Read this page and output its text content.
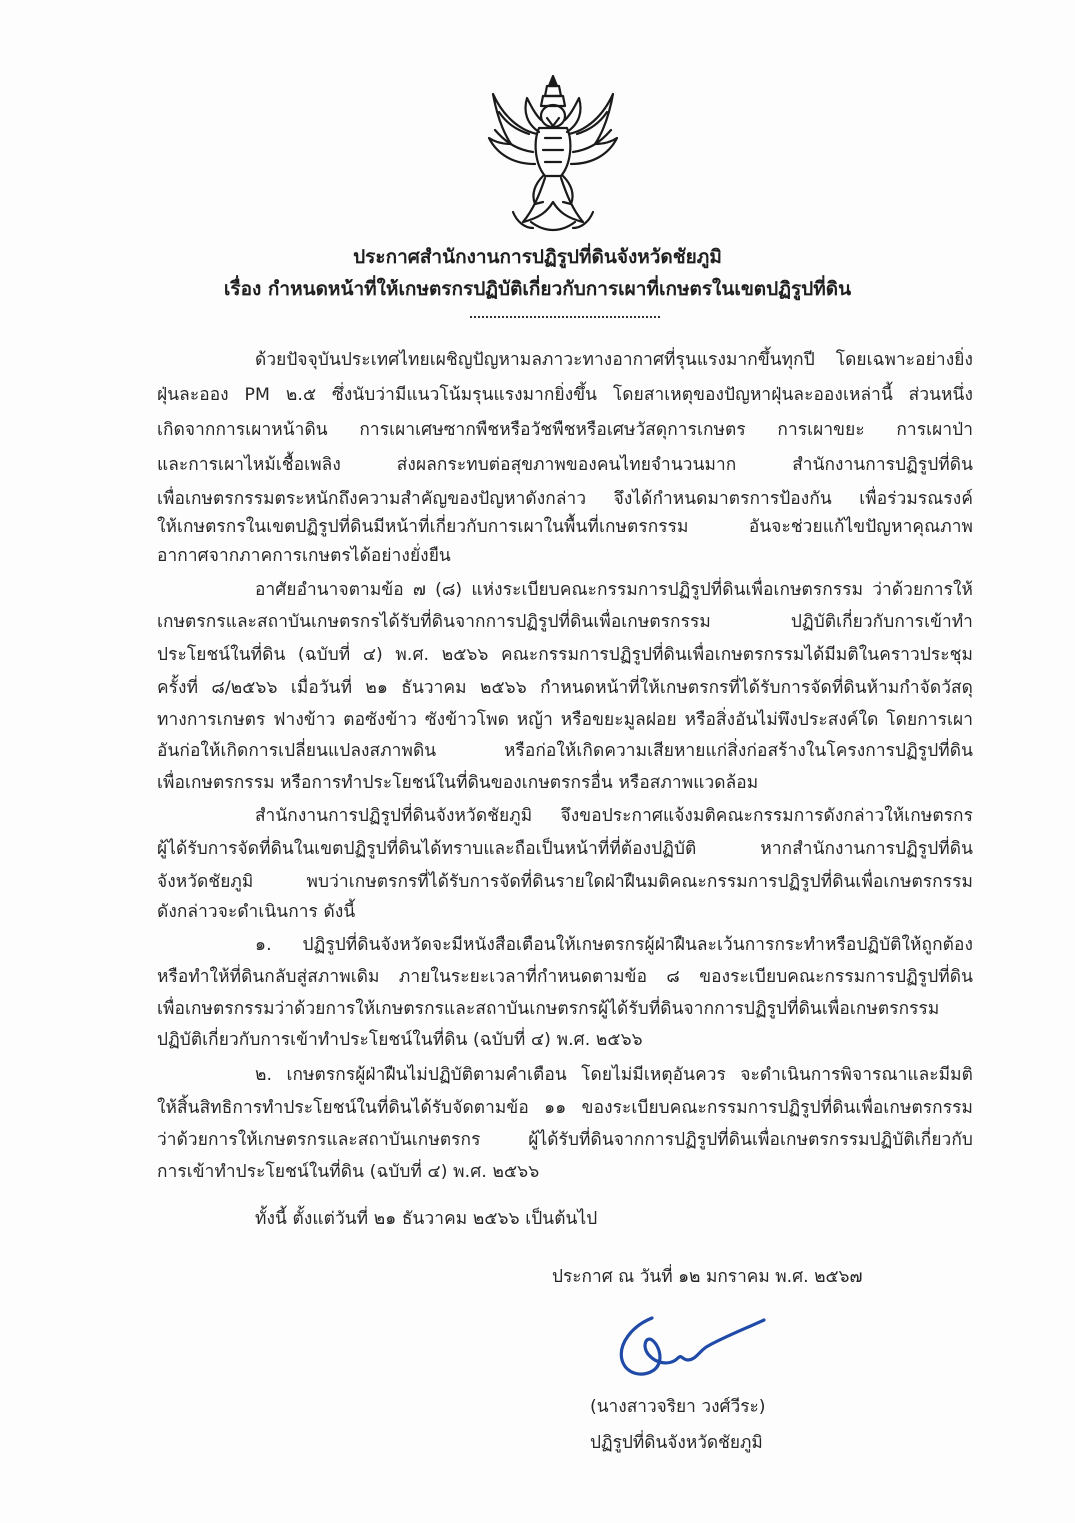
ประกาศสำนักงานการปฏิรูปที่ดินจังหวัดชัยภูมิ
เรื่อง กำหนดหน้าที่ให้เกษตรกรปฏิบัติเกี่ยวกับการเผาที่เกษตรในเขตปฏิรูปที่ดิน
ด้วยปัจจุบันประเทศไทยเผชิญปัญหามลภาวะทางอากาศที่รุนแรงมากขึ้นทุกปี โดยเฉพาะอย่างยิ่ง
ฝุ่นละออง PM ๒.๕ ซึ่งนับว่ามีแนวโน้มรุนแรงมากยิ่งขึ้น โดยสาเหตุของปัญหาฝุ่นละอองเหล่านี้ ส่วนหนึ่ง
เกิดจากการเผาหน้าดิน การเผาเศษซากพืชหรือวัชพืชหรือเศษวัสดุการเกษตร การเผาขยะ การเผาป่า
และการเผาไหม้เชื้อเพลิง ส่งผลกระทบต่อสุขภาพของคนไทยจำนวนมาก สำนักงานการปฏิรูปที่ดิน
เพื่อเกษตรกรรมตระหนักถึงความสำคัญของปัญหาดังกล่าว จึงได้กำหนดมาตรการป้องกัน เพื่อร่วมรณรงค์
ให้เกษตรกรในเขตปฏิรูปที่ดินมีหน้าที่เกี่ยวกับการเผาในพื้นที่เกษตรกรรม อันจะช่วยแก้ไขปัญหาคุณภาพ
อากาศจากภาคการเกษตรได้อย่างยั่งยืน
อาศัยอำนาจตามข้อ ๗ (๘) แห่งระเบียบคณะกรรมการปฏิรูปที่ดินเพื่อเกษตรกรรม ว่าด้วยการให้
เกษตรกรและสถาบันเกษตรกรได้รับที่ดินจากการปฏิรูปที่ดินเพื่อเกษตรกรรม ปฏิบัติเกี่ยวกับการเข้าทำ
ประโยชน์ในที่ดิน (ฉบับที่ ๔) พ.ศ. ๒๕๖๖ คณะกรรมการปฏิรูปที่ดินเพื่อเกษตรกรรมได้มีมติในคราวประชุม
ครั้งที่ ๘/๒๕๖๖ เมื่อวันที่ ๒๑ ธันวาคม ๒๕๖๖ กำหนดหน้าที่ให้เกษตรกรที่ได้รับการจัดที่ดินห้ามกำจัดวัสดุ
ทางการเกษตร ฟางข้าว ตอซังข้าว ซังข้าวโพด หญ้า หรือขยะมูลฝอย หรือสิ่งอันไม่พึงประสงค์ใด โดยการเผา
อันก่อให้เกิดการเปลี่ยนแปลงสภาพดิน หรือก่อให้เกิดความเสียหายแก่สิ่งก่อสร้างในโครงการปฏิรูปที่ดิน
เพื่อเกษตรกรรม หรือการทำประโยชน์ในที่ดินของเกษตรกรอื่น หรือสภาพแวดล้อม
สำนักงานการปฏิรูปที่ดินจังหวัดชัยภูมิ จึงขอประกาศแจ้งมติคณะกรรมการดังกล่าวให้เกษตรกร
ผู้ได้รับการจัดที่ดินในเขตปฏิรูปที่ดินได้ทราบและถือเป็นหน้าที่ที่ต้องปฏิบัติ หากสำนักงานการปฏิรูปที่ดิน
จังหวัดชัยภูมิ พบว่าเกษตรกรที่ได้รับการจัดที่ดินรายใดฝ่าฝืนมติคณะกรรมการปฏิรูปที่ดินเพื่อเกษตรกรรม
ดังกล่าวจะดำเนินการ ดังนี้
๑. ปฏิรูปที่ดินจังหวัดจะมีหนังสือเตือนให้เกษตรกรผู้ฝ่าฝืนละเว้นการกระทำหรือปฏิบัติให้ถูกต้อง
หรือทำให้ที่ดินกลับสู่สภาพเดิม ภายในระยะเวลาที่กำหนดตามข้อ ๘ ของระเบียบคณะกรรมการปฏิรูปที่ดิน
เพื่อเกษตรกรรมว่าด้วยการให้เกษตรกรและสถาบันเกษตรกรผู้ได้รับที่ดินจากการปฏิรูปที่ดินเพื่อเกษตรกรรม
ปฏิบัติเกี่ยวกับการเข้าทำประโยชน์ในที่ดิน (ฉบับที่ ๔) พ.ศ. ๒๕๖๖
๒. เกษตรกรผู้ฝ่าฝืนไม่ปฏิบัติตามคำเตือน โดยไม่มีเหตุอันควร จะดำเนินการพิจารณาและมีมติ
ให้สิ้นสิทธิการทำประโยชน์ในที่ดินได้รับจัดตามข้อ ๑๑ ของระเบียบคณะกรรมการปฏิรูปที่ดินเพื่อเกษตรกรรม
ว่าด้วยการให้เกษตรกรและสถาบันเกษตรกร ผู้ได้รับที่ดินจากการปฏิรูปที่ดินเพื่อเกษตรกรรมปฏิบัติเกี่ยวกับ
การเข้าทำประโยชน์ในที่ดิน (ฉบับที่ ๔) พ.ศ. ๒๕๖๖
ทั้งนี้ ตั้งแต่วันที่ ๒๑ ธันวาคม ๒๕๖๖ เป็นต้นไป
ประกาศ ณ วันที่ ๑๒ มกราคม พ.ศ. ๒๕๖๗
(นางสาวจริยา วงศ์วีระ)
ปฏิรูปที่ดินจังหวัดชัยภูมิ
